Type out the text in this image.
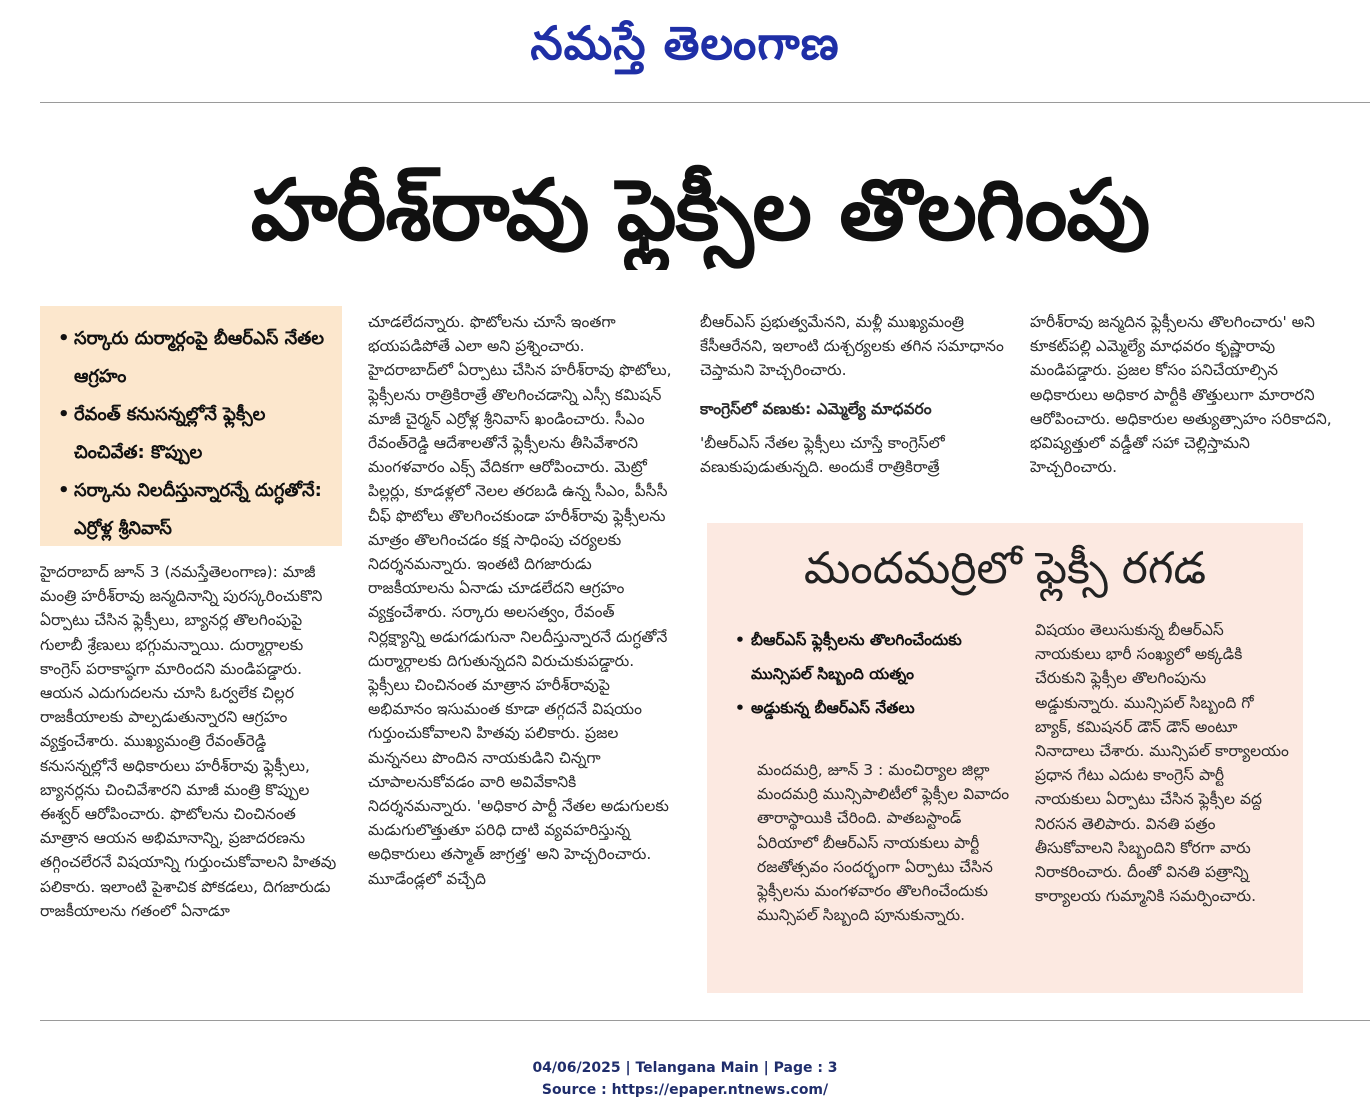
నమస్తే తెలంగాణ
హరీశ్‌రావు ఫ్లెక్సీల తొలగింపు
• సర్కారు దుర్మార్గంపై బీఆర్‌ఎస్ నేతల ఆగ్రహం
• రేవంత్ కనుసన్నల్లోనే ఫ్లెక్సీల చించివేత: కొప్పుల
• సర్కాను నిలదీస్తున్నారన్నే దుగ్ధతోనే: ఎర్రోళ్ల శ్రీనివాస్

హైదరాబాద్ జూన్ 3 (నమస్తేతెలంగాణ): మాజీ మంత్రి హరీశ్‌రావు జన్మదినాన్ని పురస్కరించుకొని ఏర్పాటు చేసిన ఫ్లెక్సీలు, బ్యానర్ల తొలగింపుపై గులాబీ శ్రేణులు భగ్గుమన్నాయి. దుర్మార్గాలకు కాంగ్రెస్ పరాకాష్ఠగా మారిందని మండిపడ్డారు. ఆయన ఎదుగుదలను చూసి ఓర్వలేక చిల్లర రాజకీయాలకు పాల్పడుతున్నారని ఆగ్రహం వ్యక్తంచేశారు. ముఖ్యమంత్రి రేవంత్‌రెడ్డి కనుసన్నల్లోనే అధికారులు హరీశ్‌రావు ఫ్లెక్సీలు, బ్యానర్లను చించివేశారని మాజీ మంత్రి కొప్పుల ఈశ్వర్ ఆరోపించారు. ఫొటోలను చించినంత మాత్రాన ఆయన అభిమానాన్ని, ప్రజాదరణను తగ్గించలేరనే విషయాన్ని గుర్తుంచుకోవాలని హితవు పలికారు. ఇలాంటి పైశాచిక పోకడలు, దిగజారుడు రాజకీయాలను గతంలో ఏనాడూ

చూడలేదన్నారు. ఫొటోలను చూసే ఇంతగా భయపడిపోతే ఎలా అని ప్రశ్నించారు. హైదరాబాద్‌లో ఏర్పాటు చేసిన హరీశ్‌రావు ఫొటోలు, ఫ్లెక్సీలను రాత్రికిరాత్రే తొలగించడాన్ని ఎస్సీ కమిషన్ మాజీ చైర్మన్ ఎర్రోళ్ల శ్రీనివాస్ ఖండించారు. సీఎం రేవంత్‌రెడ్డి ఆదేశాలతోనే ఫ్లెక్సీలను తీసివేశారని మంగళవారం ఎక్స్ వేదికగా ఆరోపించారు. మెట్రో పిల్లర్లు, కూడళ్లలో నెలల తరబడి ఉన్న సీఎం, పీసీసీ చీఫ్ ఫొటోలు తొలగించకుండా హరీశ్‌రావు ఫ్లెక్సీలను మాత్రం తొలగించడం కక్ష సాధింపు చర్యలకు నిదర్శనమన్నారు. ఇంతటి దిగజారుడు రాజకీయాలను ఏనాడు చూడలేదని ఆగ్రహం వ్యక్తంచేశారు. సర్కారు అలసత్వం, రేవంత్ నిర్లక్ష్యాన్ని అడుగడుగునా నిలదీస్తున్నారనే దుగ్ధతోనే దుర్మార్గాలకు దిగుతున్నదని విరుచుకుపడ్డారు. ఫ్లెక్సీలు చించినంత మాత్రాన హరీశ్‌రావుపై అభిమానం ఇసుమంత కూడా తగ్గదనే విషయం గుర్తుంచుకోవాలని హితవు పలికారు. ప్రజల మన్ననలు పొందిన నాయకుడిని చిన్నగా చూపాలనుకోవడం వారి అవివేకానికి నిదర్శనమన్నారు. 'అధికార పార్టీ నేతల అడుగులకు మడుగులొత్తుతూ పరిధి దాటి వ్యవహరిస్తున్న అధికారులు తస్మాత్ జాగ్రత్త' అని హెచ్చరించారు. మూడేండ్లలో వచ్చేది

బీఆర్‌ఎస్ ప్రభుత్వమేనని, మళ్లీ ముఖ్యమంత్రి కేసీఆరేనని, ఇలాంటి దుశ్చర్యలకు తగిన సమాధానం చెప్తామని హెచ్చరించారు.

కాంగ్రెస్‌లో వణుకు: ఎమ్మెల్యే మాధవరం

'బీఆర్‌ఎస్ నేతల ఫ్లెక్సీలు చూస్తే కాంగ్రెస్‌లో వణుకుపుడుతున్నది. అందుకే రాత్రికిరాత్రే

హరీశ్‌రావు జన్మదిన ఫ్లెక్సీలను తొలగించారు' అని కూకట్‌పల్లి ఎమ్మెల్యే మాధవరం కృష్ణారావు మండిపడ్డారు. ప్రజల కోసం పనిచేయాల్సిన అధికారులు అధికార పార్టీకి తొత్తులుగా మారారని ఆరోపించారు. అధికారుల అత్యుత్సాహం సరికాదని, భవిష్యత్తులో వడ్డీతో సహా చెల్లిస్తామని హెచ్చరించారు.

మందమర్రిలో ఫ్లెక్సీ రగడ
• బీఆర్‌ఎస్ ఫ్లెక్సీలను తొలగించేందుకు మున్సిపల్ సిబ్బంది యత్నం
• అడ్డుకున్న బీఆర్‌ఎస్ నేతలు

మందమర్రి, జూన్ 3 : మంచిర్యాల జిల్లా మందమర్రి మున్సిపాలిటీలో ఫ్లెక్సీల వివాదం తారాస్థాయికి చేరింది. పాతబస్టాండ్ ఏరియాలో బీఆర్‌ఎస్ నాయకులు పార్టీ రజతోత్సవం సందర్భంగా ఏర్పాటు చేసిన ఫ్లెక్సీలను మంగళవారం తొలగించేందుకు మున్సిపల్ సిబ్బంది పూనుకున్నారు.

విషయం తెలుసుకున్న బీఆర్‌ఎస్ నాయకులు భారీ సంఖ్యలో అక్కడికి చేరుకుని ఫ్లెక్సీల తొలగింపును అడ్డుకున్నారు. మున్సిపల్ సిబ్బంది గో బ్యాక్, కమిషనర్ డౌన్ డౌన్ అంటూ నినాదాలు చేశారు. మున్సిపల్ కార్యాలయం ప్రధాన గేటు ఎదుట కాంగ్రెస్ పార్టీ నాయకులు ఏర్పాటు చేసిన ఫ్లెక్సీల వద్ద నిరసన తెలిపారు. వినతి పత్రం తీసుకోవాలని సిబ్బందిని కోరగా వారు నిరాకరించారు. దీంతో వినతి పత్రాన్ని కార్యాలయ గుమ్మానికి సమర్పించారు.

04/06/2025 | Telangana Main | Page : 3
Source : https://epaper.ntnews.com/
